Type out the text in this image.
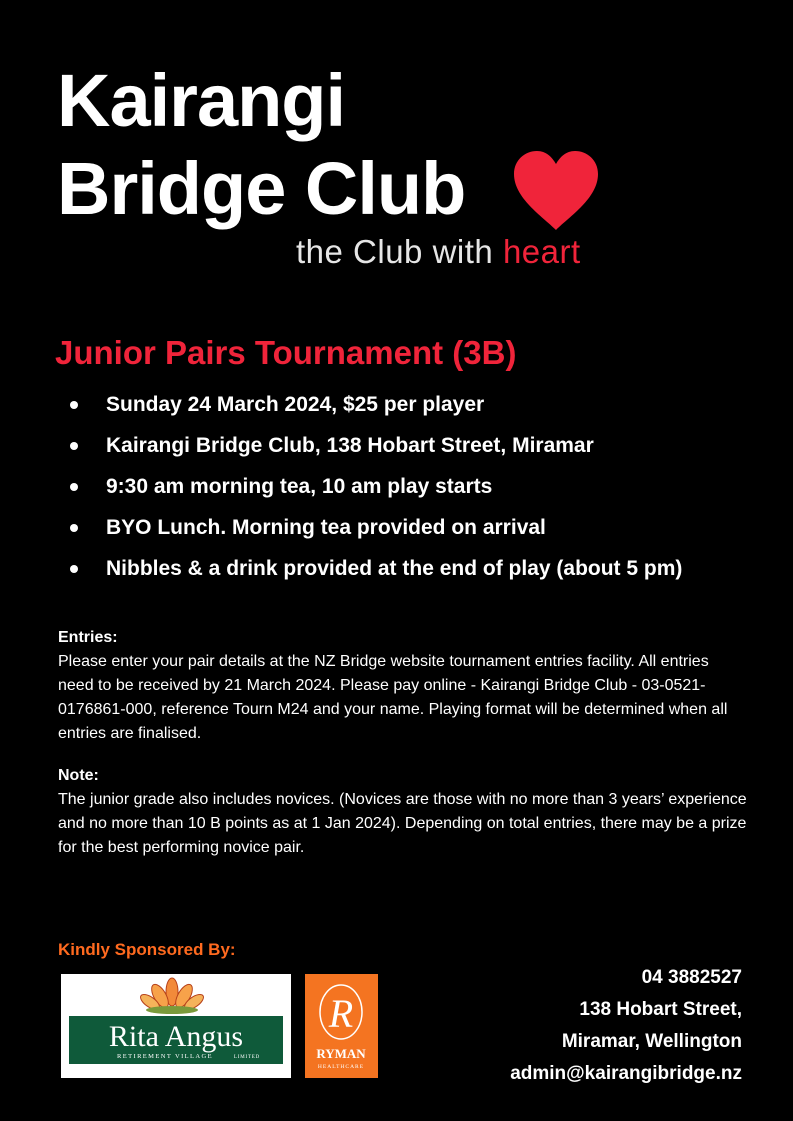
Kairangi
Bridge Club
the Club with heart
Junior Pairs Tournament (3B)
Sunday 24 March 2024, $25 per player
Kairangi Bridge Club, 138 Hobart Street, Miramar
9:30 am morning tea, 10 am play starts
BYO Lunch. Morning tea provided on arrival
Nibbles & a drink provided at the end of play (about 5 pm)
Entries:
Please enter your pair details at the NZ Bridge website tournament entries facility. All entries need to be received by 21 March 2024. Please pay online - Kairangi Bridge Club - 03-0521-0176861-000, reference Tourn M24 and your name. Playing format will be determined when all entries are finalised.
Note:
The junior grade also includes novices. (Novices are those with no more than 3 years’ experience and no more than 10 B points as at 1 Jan 2024). Depending on total entries, there may be a prize for the best performing novice pair.
Kindly Sponsored By:
Rita Angus
RETIREMENT VILLAGE	LIMITED
R
RYMAN
HEALTHCARE
04 3882527
138 Hobart Street,
Miramar, Wellington
admin@kairangibridge.nz
